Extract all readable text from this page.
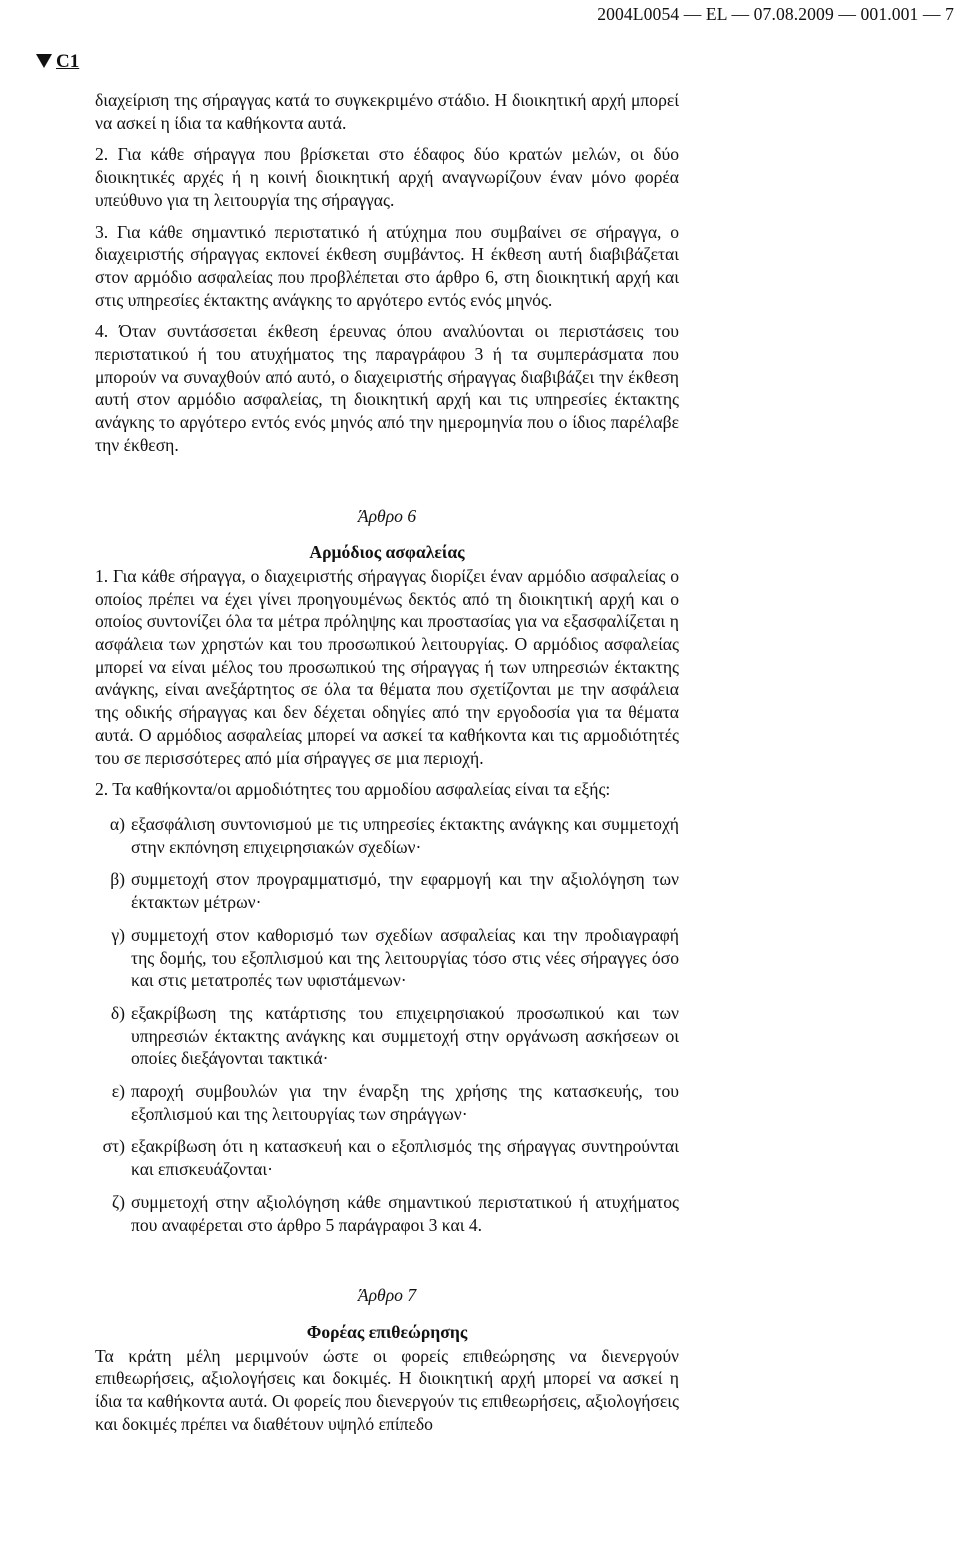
2004L0054 — EL — 07.08.2009 — 001.001 — 7
C1

διαχείριση της σήραγγας κατά το συγκεκριμένο στάδιο. Η διοικητική αρχή μπορεί να ασκεί η ίδια τα καθήκοντα αυτά.

2. Για κάθε σήραγγα που βρίσκεται στο έδαφος δύο κρατών μελών, οι δύο διοικητικές αρχές ή η κοινή διοικητική αρχή αναγνωρίζουν έναν μόνο φορέα υπεύθυνο για τη λειτουργία της σήραγγας.

3. Για κάθε σημαντικό περιστατικό ή ατύχημα που συμβαίνει σε σήραγγα, ο διαχειριστής σήραγγας εκπονεί έκθεση συμβάντος. Η έκθεση αυτή διαβιβάζεται στον αρμόδιο ασφαλείας που προβλέπεται στο άρθρο 6, στη διοικητική αρχή και στις υπηρεσίες έκτακτης ανάγκης το αργότερο εντός ενός μηνός.

4. Όταν συντάσσεται έκθεση έρευνας όπου αναλύονται οι περιστάσεις του περιστατικού ή του ατυχήματος της παραγράφου 3 ή τα συμπεράσματα που μπορούν να συναχθούν από αυτό, ο διαχειριστής σήραγγας διαβιβάζει την έκθεση αυτή στον αρμόδιο ασφαλείας, τη διοικητική αρχή και τις υπηρεσίες έκτακτης ανάγκης το αργότερο εντός ενός μηνός από την ημερομηνία που ο ίδιος παρέλαβε την έκθεση.

Άρθρο 6

Αρμόδιος ασφαλείας

1. Για κάθε σήραγγα, ο διαχειριστής σήραγγας διορίζει έναν αρμόδιο ασφαλείας ο οποίος πρέπει να έχει γίνει προηγουμένως δεκτός από τη διοικητική αρχή και ο οποίος συντονίζει όλα τα μέτρα πρόληψης και προστασίας για να εξασφαλίζεται η ασφάλεια των χρηστών και του προσωπικού λειτουργίας. Ο αρμόδιος ασφαλείας μπορεί να είναι μέλος του προσωπικού της σήραγγας ή των υπηρεσιών έκτακτης ανάγκης, είναι ανεξάρτητος σε όλα τα θέματα που σχετίζονται με την ασφάλεια της οδικής σήραγγας και δεν δέχεται οδηγίες από την εργοδοσία για τα θέματα αυτά. Ο αρμόδιος ασφαλείας μπορεί να ασκεί τα καθήκοντα και τις αρμοδιότητές του σε περισσότερες από μία σήραγγες σε μια περιοχή.

2. Τα καθήκοντα/οι αρμοδιότητες του αρμοδίου ασφαλείας είναι τα εξής:

α) εξασφάλιση συντονισμού με τις υπηρεσίες έκτακτης ανάγκης και συμμετοχή στην εκπόνηση επιχειρησιακών σχεδίων·
β) συμμετοχή στον προγραμματισμό, την εφαρμογή και την αξιολόγηση των έκτακτων μέτρων·
γ) συμμετοχή στον καθορισμό των σχεδίων ασφαλείας και την προδιαγραφή της δομής, του εξοπλισμού και της λειτουργίας τόσο στις νέες σήραγγες όσο και στις μετατροπές των υφιστάμενων·
δ) εξακρίβωση της κατάρτισης του επιχειρησιακού προσωπικού και των υπηρεσιών έκτακτης ανάγκης και συμμετοχή στην οργάνωση ασκήσεων οι οποίες διεξάγονται τακτικά·
ε) παροχή συμβουλών για την έναρξη της χρήσης της κατασκευής, του εξοπλισμού και της λειτουργίας των σηράγγων·
στ) εξακρίβωση ότι η κατασκευή και ο εξοπλισμός της σήραγγας συντηρούνται και επισκευάζονται·
ζ) συμμετοχή στην αξιολόγηση κάθε σημαντικού περιστατικού ή ατυχήματος που αναφέρεται στο άρθρο 5 παράγραφοι 3 και 4.

Άρθρο 7

Φορέας επιθεώρησης

Τα κράτη μέλη μεριμνούν ώστε οι φορείς επιθεώρησης να διενεργούν επιθεωρήσεις, αξιολογήσεις και δοκιμές. Η διοικητική αρχή μπορεί να ασκεί η ίδια τα καθήκοντα αυτά. Οι φορείς που διενεργούν τις επιθεωρήσεις, αξιολογήσεις και δοκιμές πρέπει να διαθέτουν υψηλό επίπεδο
